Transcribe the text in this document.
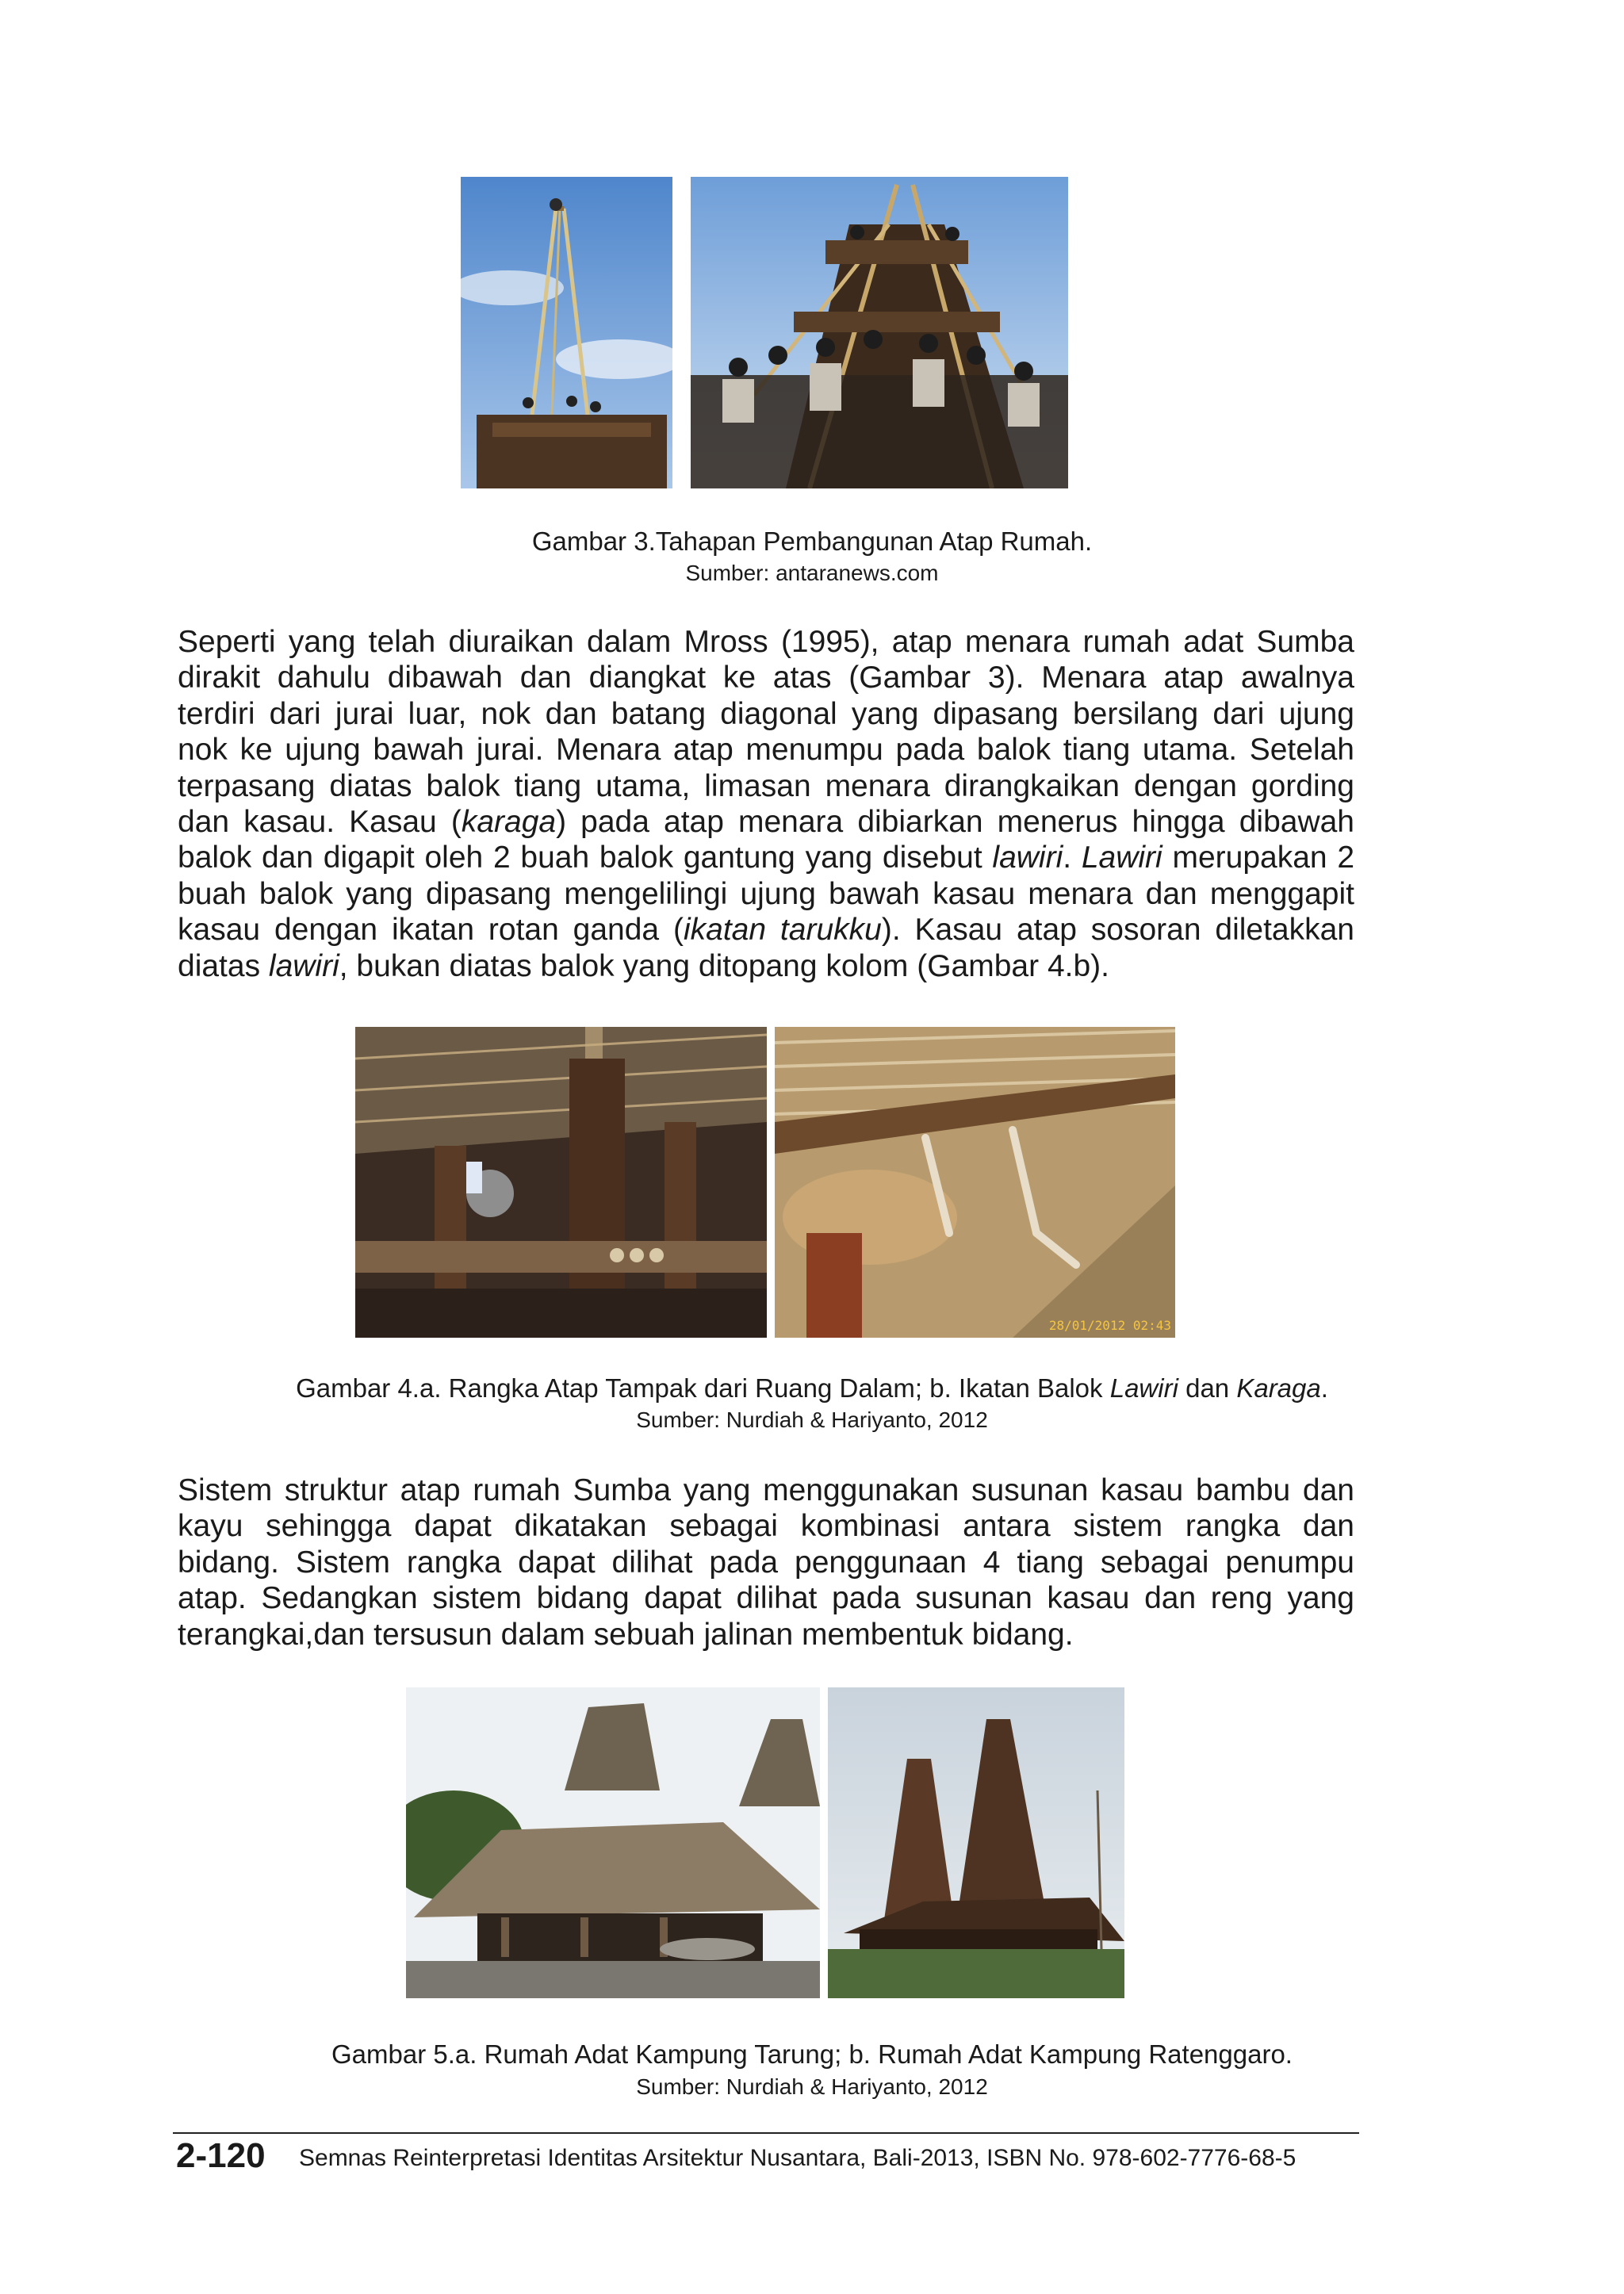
Gambar 3.Tahapan Pembangunan Atap Rumah.
Sumber: antaranews.com
Seperti yang telah diuraikan dalam Mross (1995), atap menara rumah adat Sumba
dirakit dahulu dibawah dan diangkat ke atas (Gambar 3). Menara atap awalnya
terdiri dari jurai luar, nok dan batang diagonal yang dipasang bersilang dari ujung
nok ke ujung bawah jurai. Menara atap menumpu pada balok tiang utama. Setelah
terpasang diatas balok tiang utama, limasan menara dirangkaikan dengan gording
dan kasau. Kasau (karaga) pada atap menara dibiarkan menerus hingga dibawah
balok dan digapit oleh 2 buah balok gantung yang disebut lawiri. Lawiri merupakan 2
buah balok yang dipasang mengelilingi ujung bawah kasau menara dan menggapit
kasau dengan ikatan rotan ganda (ikatan tarukku). Kasau atap sosoran diletakkan
diatas lawiri, bukan diatas balok yang ditopang kolom (Gambar 4.b).
28/01/2012 02:43
Gambar 4.a. Rangka Atap Tampak dari Ruang Dalam; b. Ikatan Balok Lawiri dan Karaga.
Sumber: Nurdiah & Hariyanto, 2012
Sistem struktur atap rumah Sumba yang menggunakan susunan kasau bambu dan
kayu sehingga dapat dikatakan sebagai kombinasi antara sistem rangka dan
bidang. Sistem rangka dapat dilihat pada penggunaan 4 tiang sebagai penumpu
atap. Sedangkan sistem bidang dapat dilihat pada susunan kasau dan reng yang
terangkai,dan tersusun dalam sebuah jalinan membentuk bidang.
Gambar 5.a. Rumah Adat Kampung Tarung; b. Rumah Adat Kampung Ratenggaro.
Sumber: Nurdiah & Hariyanto, 2012
2-120 Semnas Reinterpretasi Identitas Arsitektur Nusantara, Bali-2013, ISBN No. 978-602-7776-68-5
